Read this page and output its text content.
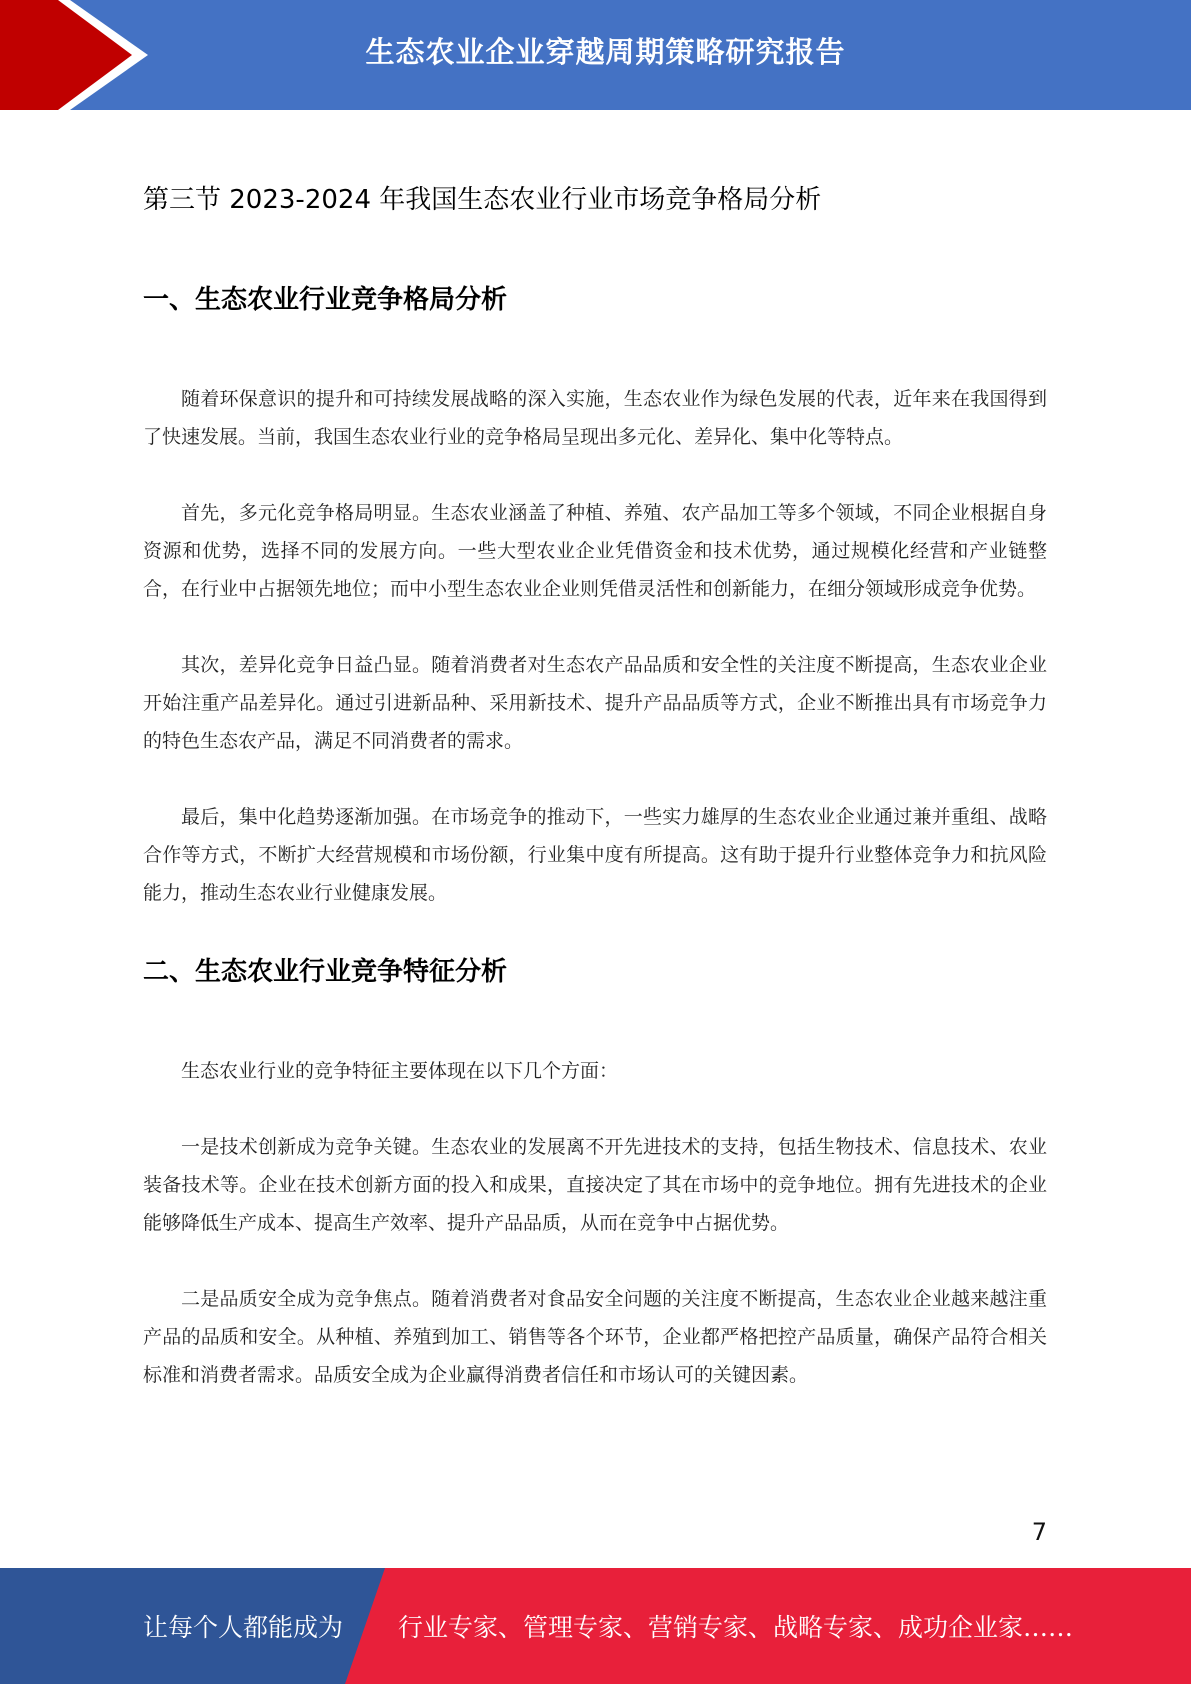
生态农业企业穿越周期策略研究报告
第三节 2023-2024 年我国生态农业行业市场竞争格局分析
一、生态农业行业竞争格局分析

随着环保意识的提升和可持续发展战略的深入实施，生态农业作为绿色发展的代表，近年来在我国得到了快速发展。当前，我国生态农业行业的竞争格局呈现出多元化、差异化、集中化等特点。

首先，多元化竞争格局明显。生态农业涵盖了种植、养殖、农产品加工等多个领域，不同企业根据自身资源和优势，选择不同的发展方向。一些大型农业企业凭借资金和技术优势，通过规模化经营和产业链整合，在行业中占据领先地位；而中小型生态农业企业则凭借灵活性和创新能力，在细分领域形成竞争优势。

其次，差异化竞争日益凸显。随着消费者对生态农产品品质和安全性的关注度不断提高，生态农业企业开始注重产品差异化。通过引进新品种、采用新技术、提升产品品质等方式，企业不断推出具有市场竞争力的特色生态农产品，满足不同消费者的需求。

最后，集中化趋势逐渐加强。在市场竞争的推动下，一些实力雄厚的生态农业企业通过兼并重组、战略合作等方式，不断扩大经营规模和市场份额，行业集中度有所提高。这有助于提升行业整体竞争力和抗风险能力，推动生态农业行业健康发展。

二、生态农业行业竞争特征分析

生态农业行业的竞争特征主要体现在以下几个方面：

一是技术创新成为竞争关键。生态农业的发展离不开先进技术的支持，包括生物技术、信息技术、农业装备技术等。企业在技术创新方面的投入和成果，直接决定了其在市场中的竞争地位。拥有先进技术的企业能够降低生产成本、提高生产效率、提升产品品质，从而在竞争中占据优势。

二是品质安全成为竞争焦点。随着消费者对食品安全问题的关注度不断提高，生态农业企业越来越注重产品的品质和安全。从种植、养殖到加工、销售等各个环节，企业都严格把控产品质量，确保产品符合相关标准和消费者需求。品质安全成为企业赢得消费者信任和市场认可的关键因素。

7
让每个人都能成为 行业专家、管理专家、营销专家、战略专家、成功企业家……
